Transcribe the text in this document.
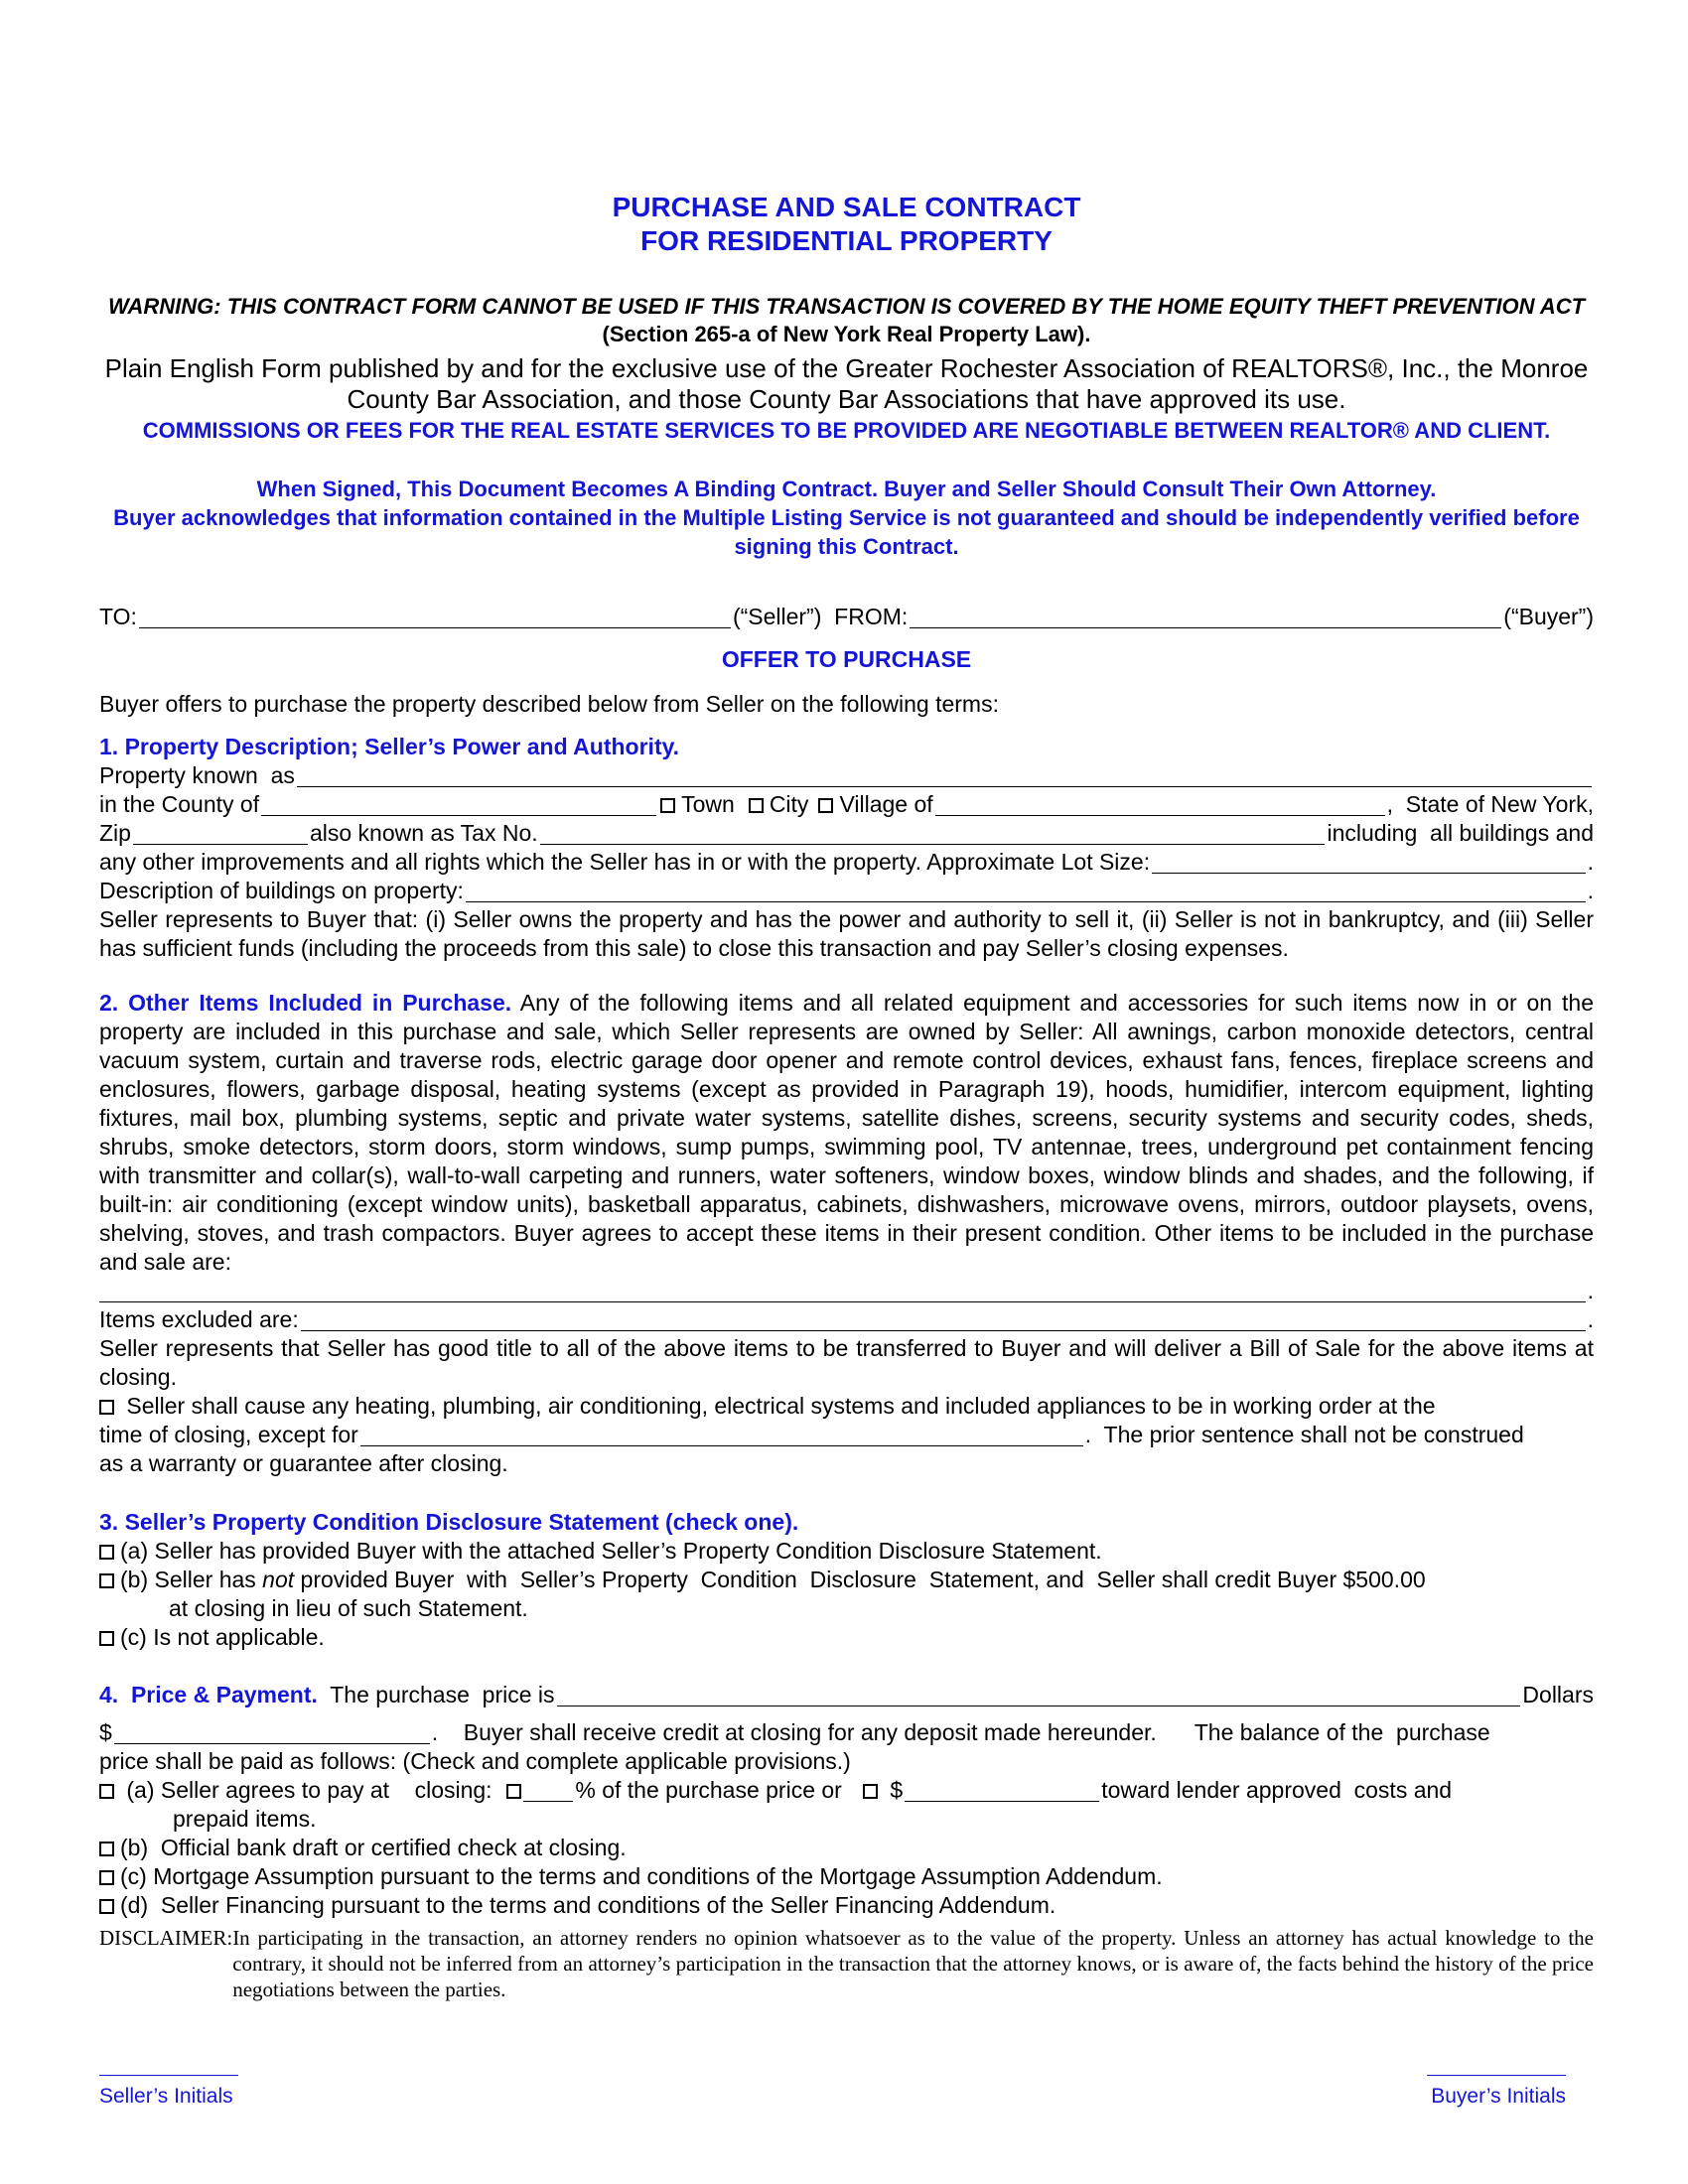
PURCHASE AND SALE CONTRACT
FOR RESIDENTIAL PROPERTY
WARNING: THIS CONTRACT FORM CANNOT BE USED IF THIS TRANSACTION IS COVERED BY THE HOME EQUITY THEFT PREVENTION ACT (Section 265-a of New York Real Property Law).
Plain English Form published by and for the exclusive use of the Greater Rochester Association of REALTORS®, Inc., the Monroe County Bar Association, and those County Bar Associations that have approved its use.
COMMISSIONS OR FEES FOR THE REAL ESTATE SERVICES TO BE PROVIDED ARE NEGOTIABLE BETWEEN REALTOR® AND CLIENT.
When Signed, This Document Becomes A Binding Contract. Buyer and Seller Should Consult Their Own Attorney.
Buyer acknowledges that information contained in the Multiple Listing Service is not guaranteed and should be independently verified before signing this Contract.
TO:	(“Seller”)  FROM:	(“Buyer”)
OFFER TO PURCHASE
Buyer offers to purchase the property described below from Seller on the following terms:
1. Property Description; Seller’s Power and Authority.
Property known  as
in the County of	Town City Village of	,  State of New York,
Zip	also known as Tax No.	including  all buildings and
any other improvements and all rights which the Seller has in or with the property. Approximate Lot Size:	.
Description of buildings on property:	.
Seller represents to Buyer that: (i) Seller owns the property and has the power and authority to sell it, (ii) Seller is not in bankruptcy, and (iii) Seller has sufficient funds (including the proceeds from this sale) to close this transaction and pay Seller’s closing expenses.
2. Other Items Included in Purchase. Any of the following items and all related equipment and accessories for such items now in or on the property are included in this purchase and sale, which Seller represents are owned by Seller: All awnings, carbon monoxide detectors, central vacuum system, curtain and traverse rods, electric garage door opener and remote control devices, exhaust fans, fences, fireplace screens and enclosures, flowers, garbage disposal, heating systems (except as provided in Paragraph 19), hoods, humidifier, intercom equipment, lighting fixtures, mail box, plumbing systems, septic and private water systems, satellite dishes, screens, security systems and security codes, sheds, shrubs, smoke detectors, storm doors, storm windows, sump pumps, swimming pool, TV antennae, trees, underground pet containment fencing with transmitter and collar(s), wall-to-wall carpeting and runners, water softeners, window boxes, window blinds and shades, and the following, if built-in: air conditioning (except window units), basketball apparatus, cabinets, dishwashers, microwave ovens, mirrors, outdoor playsets, ovens, shelving, stoves, and trash compactors. Buyer agrees to accept these items in their present condition. Other items to be included in the purchase and sale are:
.
Items excluded are:	.
Seller represents that Seller has good title to all of the above items to be transferred to Buyer and will deliver a Bill of Sale for the above items at closing.
Seller shall cause any heating, plumbing, air conditioning, electrical systems and included appliances to be in working order at the
time of closing, except for	.  The prior sentence shall not be construed
as a warranty or guarantee after closing.
3. Seller’s Property Condition Disclosure Statement (check one).
(a) Seller has provided Buyer with the attached Seller’s Property Condition Disclosure Statement.
(b) Seller has not provided Buyer  with  Seller’s Property  Condition  Disclosure  Statement, and  Seller shall credit Buyer $500.00
at closing in lieu of such Statement.
(c) Is not applicable.
4.  Price & Payment. The purchase  price is	Dollars
$	.    Buyer shall receive credit at closing for any deposit made hereunder.      The balance of the  purchase
price shall be paid as follows: (Check and complete applicable provisions.)
(a) Seller agrees to pay at    closing:	% of the purchase price or $	toward lender approved  costs and
prepaid items.
(b)  Official bank draft or certified check at closing.
(c) Mortgage Assumption pursuant to the terms and conditions of the Mortgage Assumption Addendum.
(d)  Seller Financing pursuant to the terms and conditions of the Seller Financing Addendum.
DISCLAIMER: In participating in the transaction, an attorney renders no opinion whatsoever as to the value of the property. Unless an attorney has actual knowledge to the contrary, it should not be inferred from an attorney’s participation in the transaction that the attorney knows, or is aware of, the facts behind the history of the price negotiations between the parties.
Seller’s Initials	Buyer’s Initials
